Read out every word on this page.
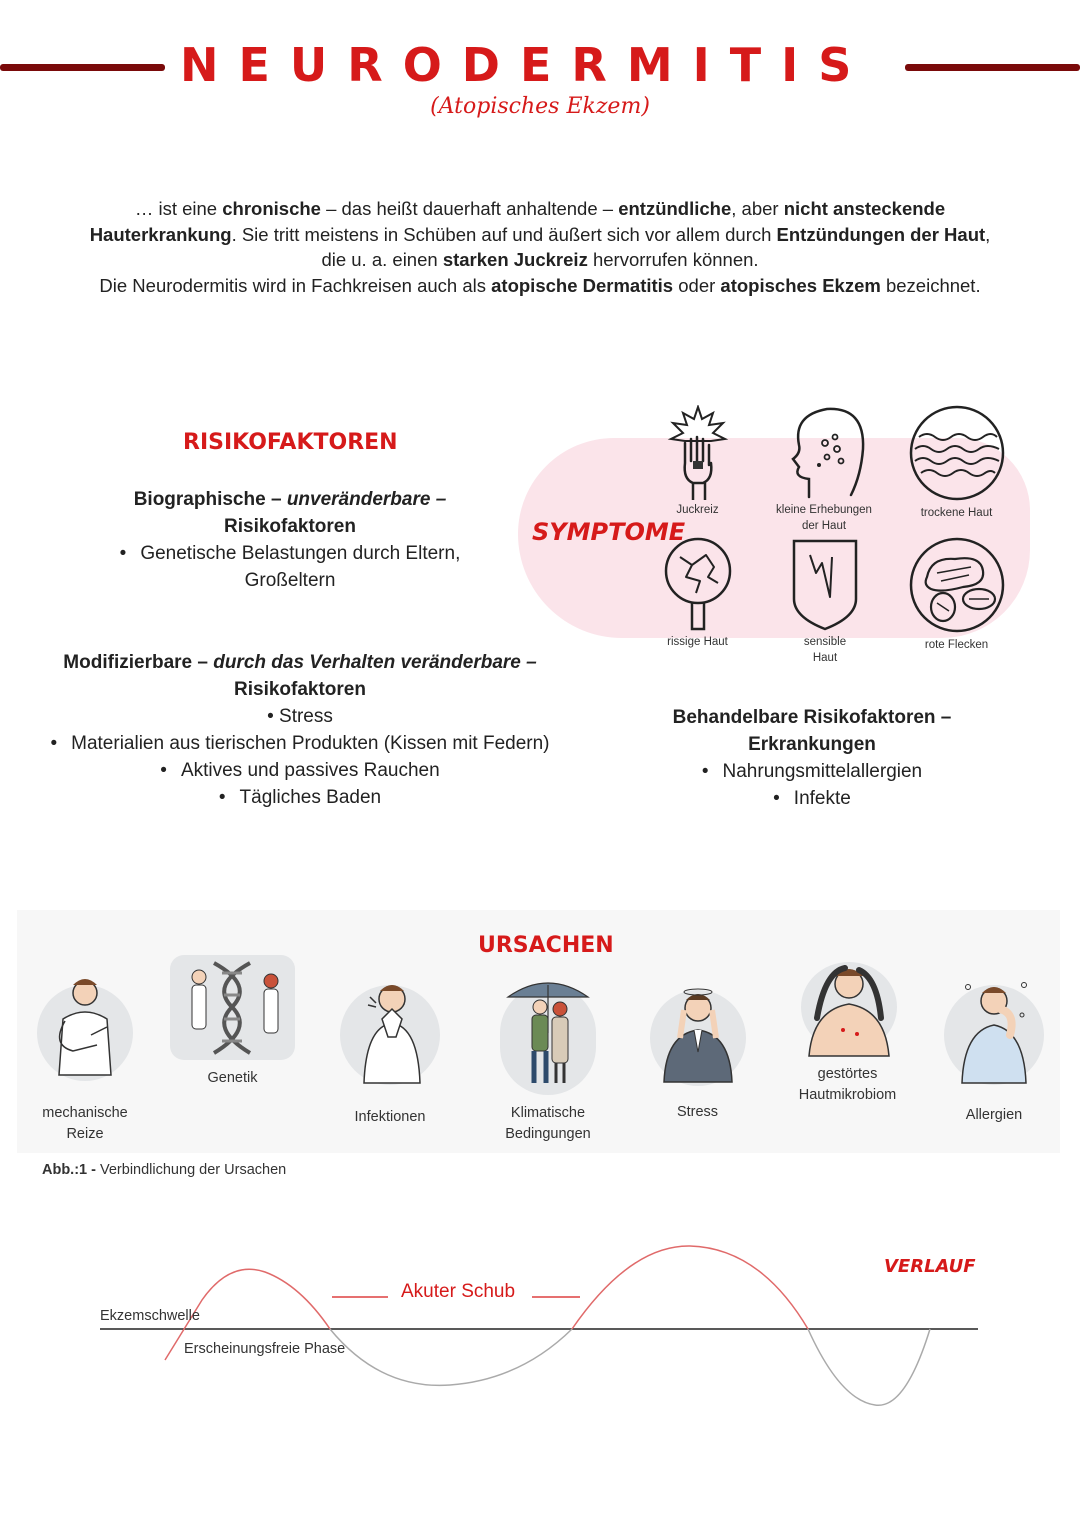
NEURODERMITIS
(Atopisches Ekzem)
… ist eine chronische – das heißt dauerhaft anhaltende – entzündliche, aber nicht ansteckende
Hauterkrankung. Sie tritt meistens in Schüben auf und äußert sich vor allem durch Entzündungen der Haut,
die u. a. einen starken Juckreiz hervorrufen können.
Die Neurodermitis wird in Fachkreisen auch als atopische Dermatitis oder atopisches Ekzem bezeichnet.
RISIKOFAKTOREN
Biographische – unveränderbare –
Risikofaktoren
• Genetische Belastungen durch Eltern,
Großeltern
Modifizierbare – durch das Verhalten veränderbare –
Risikofaktoren
• Stress
• Materialien aus tierischen Produkten (Kissen mit Federn)
• Aktives und passives Rauchen
• Tägliches Baden
Behandelbare Risikofaktoren –
Erkrankungen
• Nahrungsmittelallergien
• Infekte
SYMPTOME
Juckreiz	kleine Erhebungen
der Haut
trockene Haut
rissige Haut	sensible
Haut
rote Flecken
URSACHEN
mechanische
Reize
Genetik
Infektionen	Klimatische
Bedingungen
Stress
gestörtes
Hautmikrobiom
Allergien
Abb.:1 - Verbindlichung der Ursachen
VERLAUF
Ekzemschwelle
Akuter Schub
Erscheinungsfreie Phase
